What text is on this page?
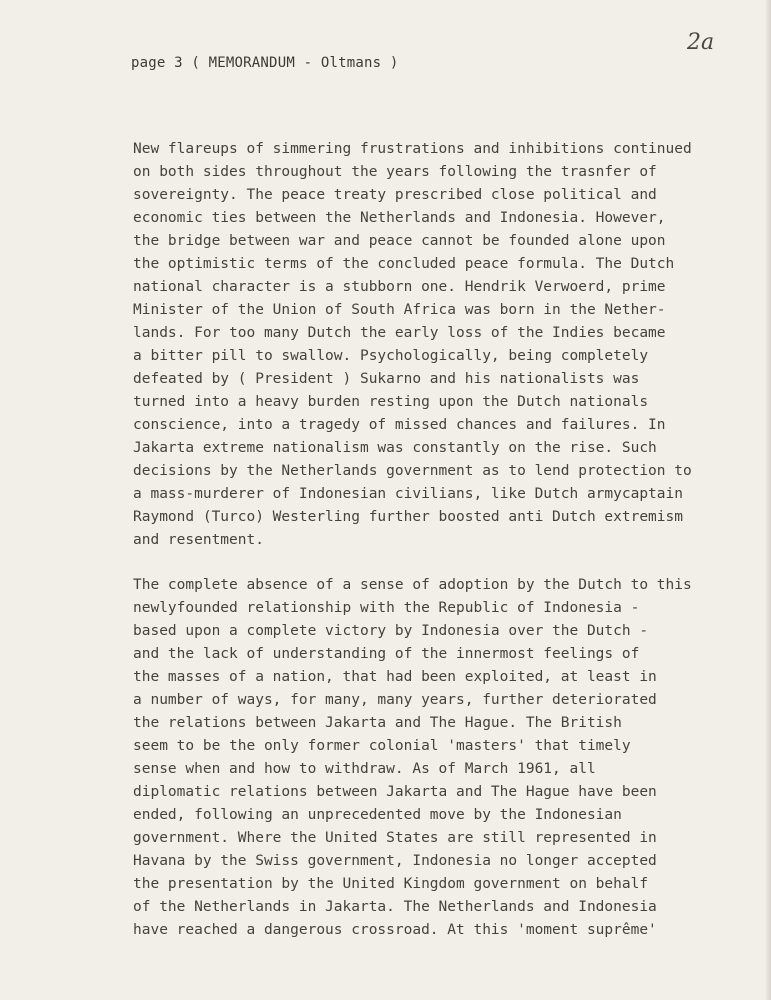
page 3 ( MEMORANDUM - Oltmans )
2a
New flareups of simmering frustrations and inhibitions continued
on both sides throughout the years following the trasnfer of
sovereignty. The peace treaty prescribed close political and
economic ties between the Netherlands and Indonesia. However,
the bridge between war and peace cannot be founded alone upon
the optimistic terms of the concluded peace formula. The Dutch
national character is a stubborn one. Hendrik Verwoerd, prime
Minister of the Union of South Africa was born in the Nether-
lands. For too many Dutch the early loss of the Indies became
a bitter pill to swallow. Psychologically, being completely
defeated by ( President ) Sukarno and his nationalists was
turned into a heavy burden resting upon the Dutch nationals
conscience, into a tragedy of missed chances and failures. In
Jakarta extreme nationalism was constantly on the rise. Such
decisions by the Netherlands government as to lend protection to
a mass-murderer of Indonesian civilians, like Dutch armycaptain
Raymond (Turco) Westerling further boosted anti Dutch extremism
and resentment.
The complete absence of a sense of adoption by the Dutch to this
newlyfounded relationship with the Republic of Indonesia -
based upon a complete victory by Indonesia over the Dutch -
and the lack of understanding of the innermost feelings of
the masses of a nation, that had been exploited, at least in
a number of ways, for many, many years, further deteriorated
the relations between Jakarta and The Hague. The British
seem to be the only former colonial 'masters' that timely
sense when and how to withdraw. As of March 1961, all
diplomatic relations between Jakarta and The Hague have been
ended, following an unprecedented move by the Indonesian
government. Where the United States are still represented in
Havana by the Swiss government, Indonesia no longer accepted
the presentation by the United Kingdom government on behalf
of the Netherlands in Jakarta. The Netherlands and Indonesia
have reached a dangerous crossroad. At this 'moment suprême'
